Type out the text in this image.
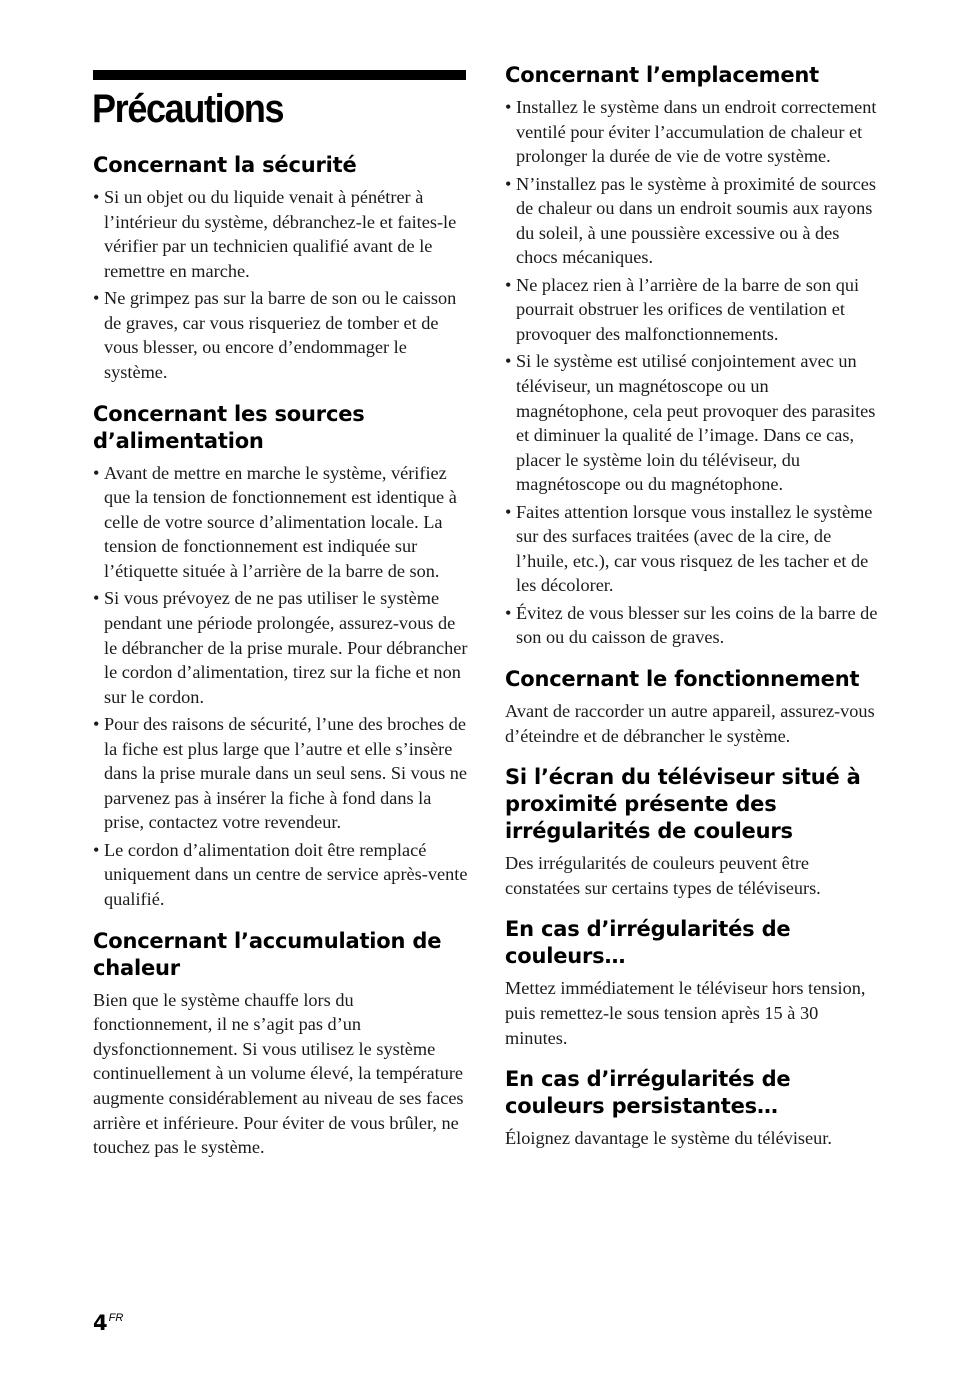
Précautions
Concernant la sécurité
• Si un objet ou du liquide venait à pénétrer à l’intérieur du système, débranchez-le et faites-le vérifier par un technicien qualifié avant de le remettre en marche.
• Ne grimpez pas sur la barre de son ou le caisson de graves, car vous risqueriez de tomber et de vous blesser, ou encore d’endommager le système.
Concernant les sources d’alimentation
• Avant de mettre en marche le système, vérifiez que la tension de fonctionnement est identique à celle de votre source d’alimentation locale. La tension de fonctionnement est indiquée sur l’étiquette située à l’arrière de la barre de son.
• Si vous prévoyez de ne pas utiliser le système pendant une période prolongée, assurez-vous de le débrancher de la prise murale. Pour débrancher le cordon d’alimentation, tirez sur la fiche et non sur le cordon.
• Pour des raisons de sécurité, l’une des broches de la fiche est plus large que l’autre et elle s’insère dans la prise murale dans un seul sens. Si vous ne parvenez pas à insérer la fiche à fond dans la prise, contactez votre revendeur.
• Le cordon d’alimentation doit être remplacé uniquement dans un centre de service après-vente qualifié.
Concernant l’accumulation de chaleur

Bien que le système chauffe lors du fonctionnement, il ne s’agit pas d’un dysfonctionnement. Si vous utilisez le système continuellement à un volume élevé, la température augmente considérablement au niveau de ses faces arrière et inférieure. Pour éviter de vous brûler, ne touchez pas le système.

Concernant l’emplacement
• Installez le système dans un endroit correctement ventilé pour éviter l’accumulation de chaleur et prolonger la durée de vie de votre système.
• N’installez pas le système à proximité de sources de chaleur ou dans un endroit soumis aux rayons du soleil, à une poussière excessive ou à des chocs mécaniques.
• Ne placez rien à l’arrière de la barre de son qui pourrait obstruer les orifices de ventilation et provoquer des malfonctionnements.
• Si le système est utilisé conjointement avec un téléviseur, un magnétoscope ou un magnétophone, cela peut provoquer des parasites et diminuer la qualité de l’image. Dans ce cas, placer le système loin du téléviseur, du magnétoscope ou du magnétophone.
• Faites attention lorsque vous installez le système sur des surfaces traitées (avec de la cire, de l’huile, etc.), car vous risquez de les tacher et de les décolorer.
• Évitez de vous blesser sur les coins de la barre de son ou du caisson de graves.
Concernant le fonctionnement

Avant de raccorder un autre appareil, assurez-vous d’éteindre et de débrancher le système.

Si l’écran du téléviseur situé à proximité présente des irrégularités de couleurs

Des irrégularités de couleurs peuvent être constatées sur certains types de téléviseurs.

En cas d’irrégularités de couleurs…

Mettez immédiatement le téléviseur hors tension, puis remettez-le sous tension après 15 à 30 minutes.

En cas d’irrégularités de couleurs persistantes…

Éloignez davantage le système du téléviseur.

$4^{FR}$
